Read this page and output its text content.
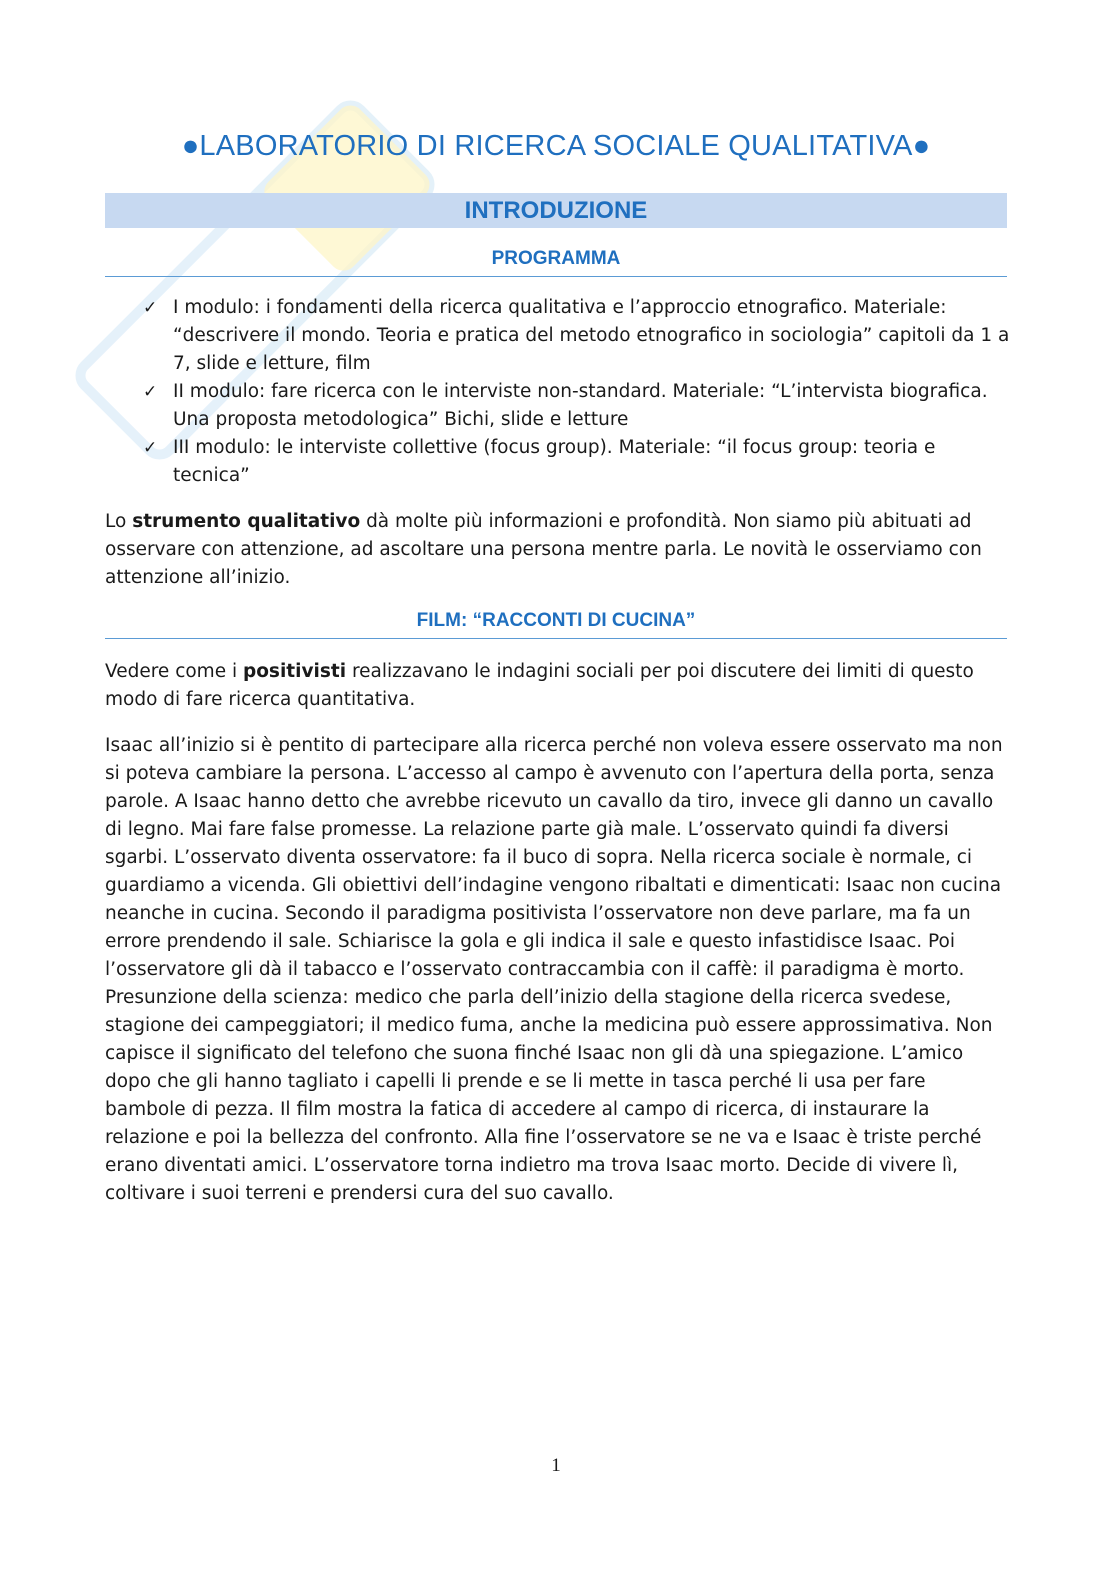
●LABORATORIO DI RICERCA SOCIALE QUALITATIVA●
INTRODUZIONE
PROGRAMMA
✓ I modulo: i fondamenti della ricerca qualitativa e l’approccio etnografico. Materiale: “descrivere il mondo. Teoria e pratica del metodo etnografico in sociologia” capitoli da 1 a 7, slide e letture, film
✓ II modulo: fare ricerca con le interviste non-standard. Materiale: “L’intervista biografica. Una proposta metodologica” Bichi, slide e letture
✓ III modulo: le interviste collettive (focus group). Materiale: “il focus group: teoria e tecnica”

Lo strumento qualitativo dà molte più informazioni e profondità. Non siamo più abituati ad osservare con attenzione, ad ascoltare una persona mentre parla. Le novità le osserviamo con attenzione all’inizio.

FILM: “RACCONTI DI CUCINA”

Vedere come i positivisti realizzavano le indagini sociali per poi discutere dei limiti di questo modo di fare ricerca quantitativa.

Isaac all’inizio si è pentito di partecipare alla ricerca perché non voleva essere osservato ma non si poteva cambiare la persona. L’accesso al campo è avvenuto con l’apertura della porta, senza parole. A Isaac hanno detto che avrebbe ricevuto un cavallo da tiro, invece gli danno un cavallo di legno. Mai fare false promesse. La relazione parte già male. L’osservato quindi fa diversi sgarbi. L’osservato diventa osservatore: fa il buco di sopra. Nella ricerca sociale è normale, ci guardiamo a vicenda. Gli obiettivi dell’indagine vengono ribaltati e dimenticati: Isaac non cucina neanche in cucina. Secondo il paradigma positivista l’osservatore non deve parlare, ma fa un errore prendendo il sale. Schiarisce la gola e gli indica il sale e questo infastidisce Isaac. Poi l’osservatore gli dà il tabacco e l’osservato contraccambia con il caffè: il paradigma è morto. Presunzione della scienza: medico che parla dell’inizio della stagione della ricerca svedese, stagione dei campeggiatori; il medico fuma, anche la medicina può essere approssimativa. Non capisce il significato del telefono che suona finché Isaac non gli dà una spiegazione. L’amico dopo che gli hanno tagliato i capelli li prende e se li mette in tasca perché li usa per fare bambole di pezza. Il film mostra la fatica di accedere al campo di ricerca, di instaurare la relazione e poi la bellezza del confronto. Alla fine l’osservatore se ne va e Isaac è triste perché erano diventati amici. L’osservatore torna indietro ma trova Isaac morto. Decide di vivere lì, coltivare i suoi terreni e prendersi cura del suo cavallo.

1
